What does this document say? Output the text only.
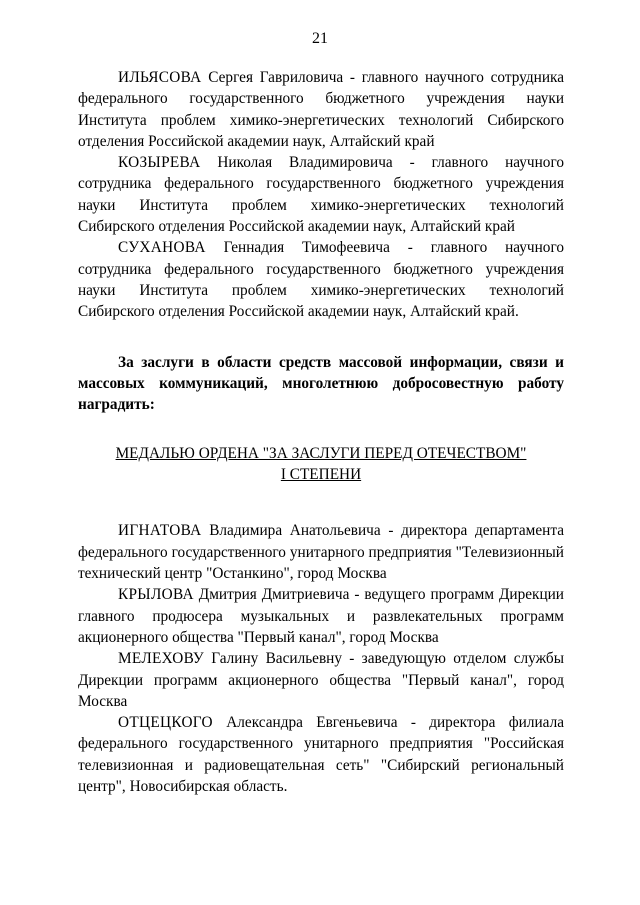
21

ИЛЬЯСОВА Сергея Гавриловича - главного научного сотрудника федерального государственного бюджетного учреждения науки Института проблем химико-энергетических технологий Сибирского отделения Российской академии наук, Алтайский край

КОЗЫРЕВА Николая Владимировича - главного научного сотрудника федерального государственного бюджетного учреждения науки Института проблем химико-энергетических технологий Сибирского отделения Российской академии наук, Алтайский край

СУХАНОВА Геннадия Тимофеевича - главного научного сотрудника федерального государственного бюджетного учреждения науки Института проблем химико-энергетических технологий Сибирского отделения Российской академии наук, Алтайский край.

За заслуги в области средств массовой информации, связи и массовых коммуникаций, многолетнюю добросовестную работу наградить:

МЕДАЛЬЮ ОРДЕНА "ЗА ЗАСЛУГИ ПЕРЕД ОТЕЧЕСТВОМ"
I СТЕПЕНИ

ИГНАТОВА Владимира Анатольевича - директора департамента федерального государственного унитарного предприятия "Телевизионный технический центр "Останкино", город Москва

КРЫЛОВА Дмитрия Дмитриевича - ведущего программ Дирекции главного продюсера музыкальных и развлекательных программ акционерного общества "Первый канал", город Москва

МЕЛЕХОВУ Галину Васильевну - заведующую отделом службы Дирекции программ акционерного общества "Первый канал", город Москва

ОТЦЕЦКОГО Александра Евгеньевича - директора филиала федерального государственного унитарного предприятия "Российская телевизионная и радиовещательная сеть" "Сибирский региональный центр", Новосибирская область.
